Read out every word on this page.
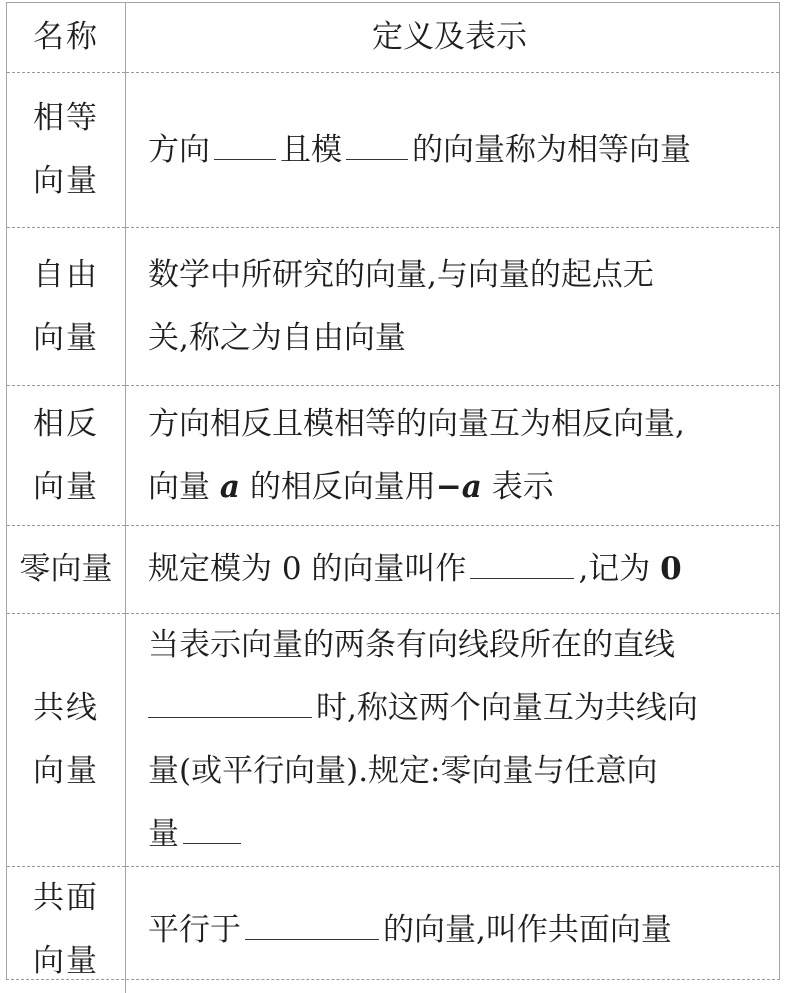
名称	定义及表示
相等
向量	方向 且模 的向量称为相等向量
自由
向量	数学中所研究的向量,与向量的起点无
关,称之为自由向量
相反
向量	方向相反且模相等的向量互为相反向量,
向量 a 的相反向量用−a 表示
零向量	规定模为 0 的向量叫作 ,记为 0
共线
向量	当表示向量的两条有向线段所在的直线
时,称这两个向量互为共线向
量(或平行向量).规定:零向量与任意向
量
共面
向量	平行于 的向量,叫作共面向量
